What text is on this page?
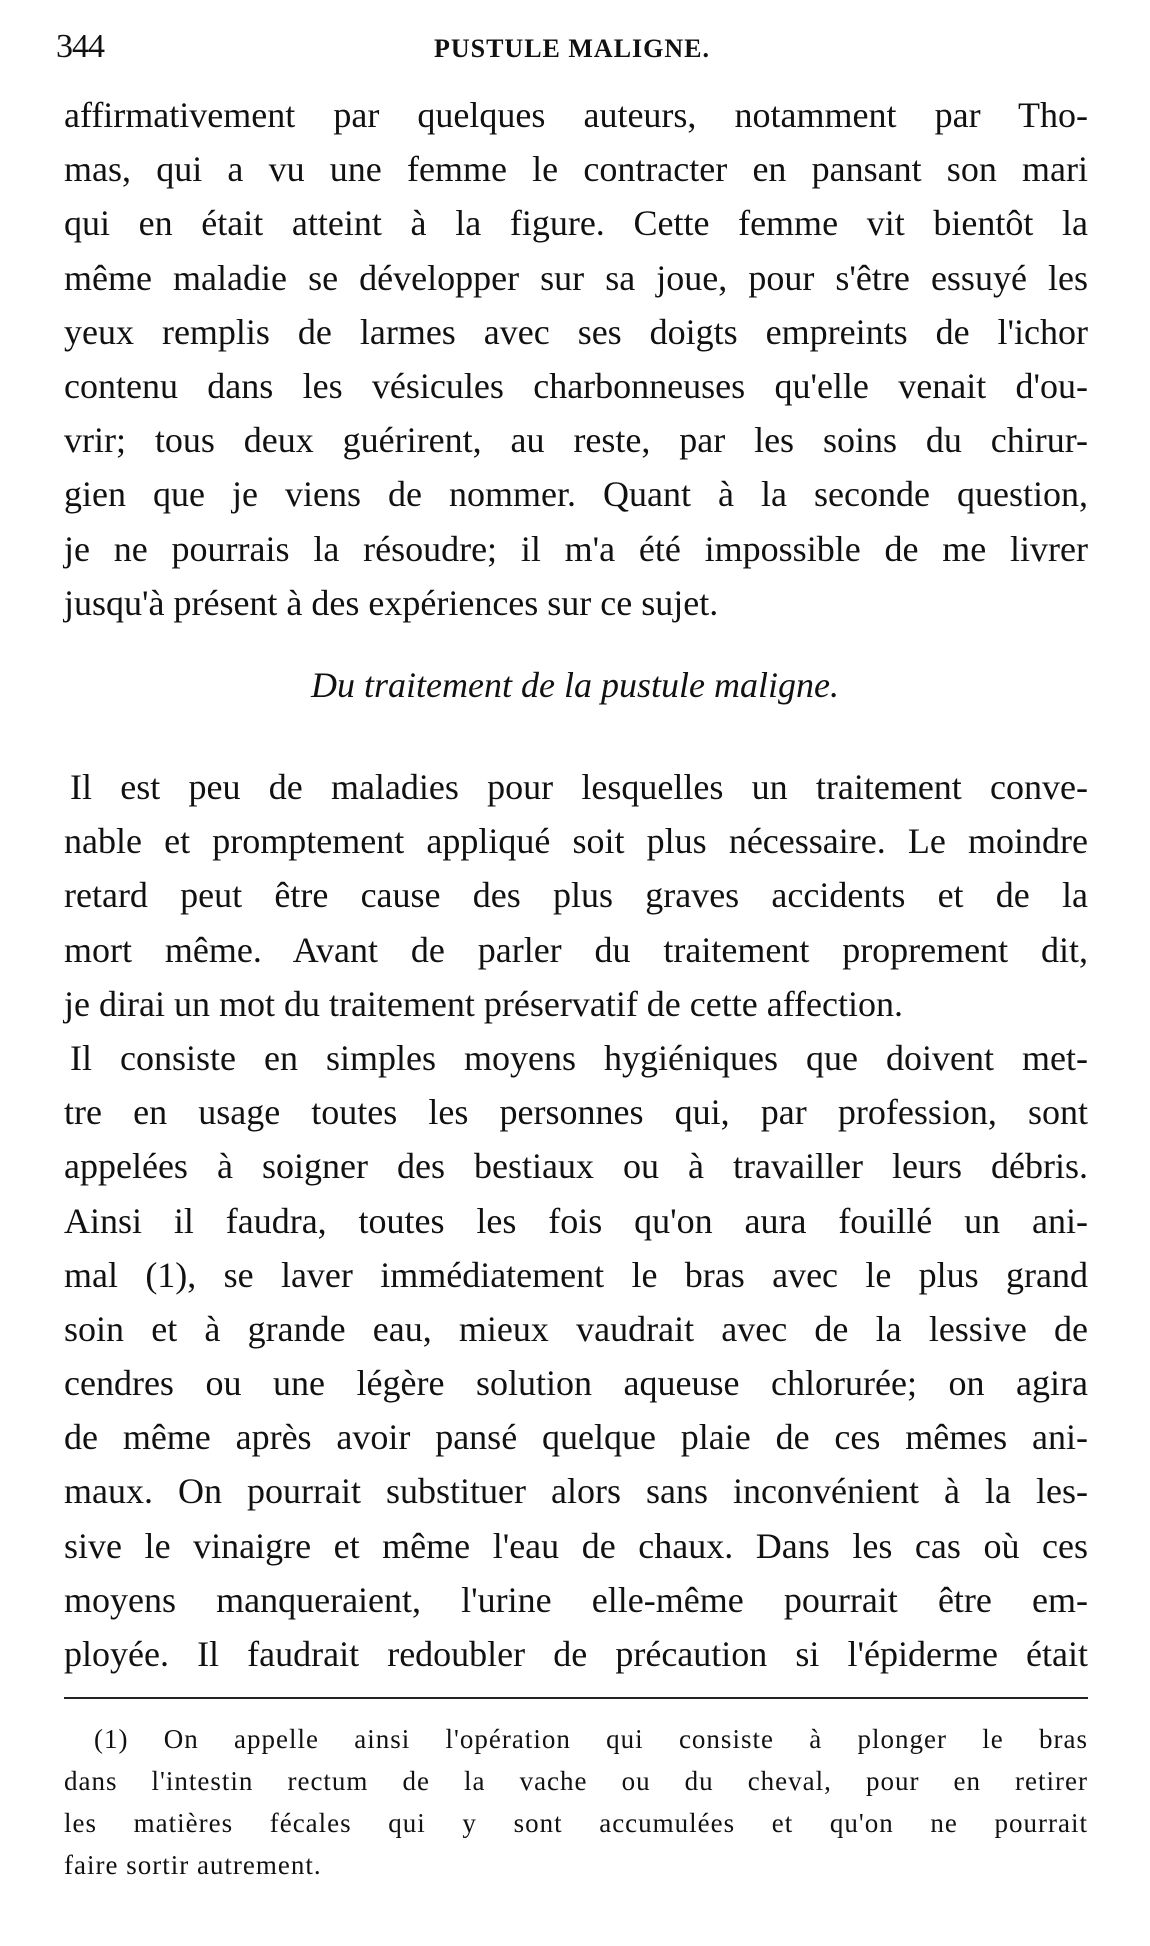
344	PUSTULE MALIGNE.
affirmativement par quelques auteurs, notamment par Tho-
mas, qui a vu une femme le contracter en pansant son mari
qui en était atteint à la figure. Cette femme vit bientôt la
même maladie se développer sur sa joue, pour s'être essuyé les
yeux remplis de larmes avec ses doigts empreints de l'ichor
contenu dans les vésicules charbonneuses qu'elle venait d'ou-
vrir; tous deux guérirent, au reste, par les soins du chirur-
gien que je viens de nommer. Quant à la seconde question,
je ne pourrais la résoudre; il m'a été impossible de me livrer
jusqu'à présent à des expériences sur ce sujet.
Du traitement de la pustule maligne.
Il est peu de maladies pour lesquelles un traitement conve-
nable et promptement appliqué soit plus nécessaire. Le moindre
retard peut être cause des plus graves accidents et de la
mort même. Avant de parler du traitement proprement dit,
je dirai un mot du traitement préservatif de cette affection.
Il consiste en simples moyens hygiéniques que doivent met-
tre en usage toutes les personnes qui, par profession, sont
appelées à soigner des bestiaux ou à travailler leurs débris.
Ainsi il faudra, toutes les fois qu'on aura fouillé un ani-
mal (1), se laver immédiatement le bras avec le plus grand
soin et à grande eau, mieux vaudrait avec de la lessive de
cendres ou une légère solution aqueuse chlorurée; on agira
de même après avoir pansé quelque plaie de ces mêmes ani-
maux. On pourrait substituer alors sans inconvénient à la les-
sive le vinaigre et même l'eau de chaux. Dans les cas où ces
moyens manqueraient, l'urine elle-même pourrait être em-
ployée. Il faudrait redoubler de précaution si l'épiderme était
(1) On appelle ainsi l'opération qui consiste à plonger le bras
dans l'intestin rectum de la vache ou du cheval, pour en retirer
les matières fécales qui y sont accumulées et qu'on ne pourrait
faire sortir autrement.
